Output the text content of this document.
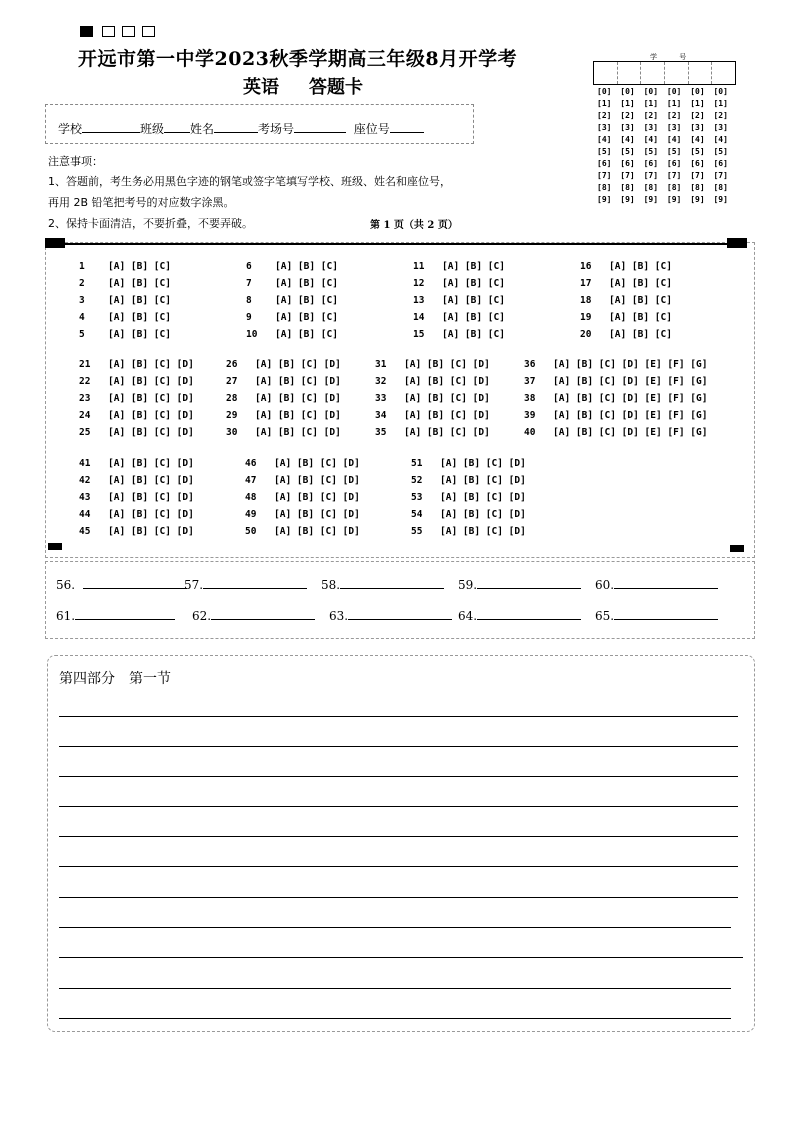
开远市第一中学2023秋季学期高三年级8月开学考
英语 答题卡
学校	班级 姓名	考场号	座位号
注意事项：
1、答题前，考生务必用黑色字迹的钢笔或签字笔填写学校、班级、姓名和座位号，
再用 2B 铅笔把考号的对应数字涂黑。
2、保持卡面清洁，不要折叠，不要弄破。	第 1 页（共 2 页）
学 号
[0]	[0]	[0]	[0]	[0]	[0]
[1]	[1]	[1]	[1]	[1]	[1]
[2]	[2]	[2]	[2]	[2]	[2]
[3]	[3]	[3]	[3]	[3]	[3]
[4]	[4]	[4]	[4]	[4]	[4]
[5]	[5]	[5]	[5]	[5]	[5]
[6]	[6]	[6]	[6]	[6]	[6]
[7]	[7]	[7]	[7]	[7]	[7]
[8]	[8]	[8]	[8]	[8]	[8]
[9]	[9]	[9]	[9]	[9]	[9]
1 [A] [B] [C]	6 [A] [B] [C]	11 [A] [B] [C]	16 [A] [B] [C]
2 [A] [B] [C]	7 [A] [B] [C]	12 [A] [B] [C]	17 [A] [B] [C]
3 [A] [B] [C]	8 [A] [B] [C]	13 [A] [B] [C]	18 [A] [B] [C]
4 [A] [B] [C]	9 [A] [B] [C]	14 [A] [B] [C]	19 [A] [B] [C]
5 [A] [B] [C]	10 [A] [B] [C]	15 [A] [B] [C]	20 [A] [B] [C]
21 [A] [B] [C] [D]	26 [A] [B] [C] [D]	31 [A] [B] [C] [D]	36 [A] [B] [C] [D] [E] [F] [G]
22 [A] [B] [C] [D]	27 [A] [B] [C] [D]	32 [A] [B] [C] [D]	37 [A] [B] [C] [D] [E] [F] [G]
23 [A] [B] [C] [D]	28 [A] [B] [C] [D]	33 [A] [B] [C] [D]	38 [A] [B] [C] [D] [E] [F] [G]
24 [A] [B] [C] [D]	29 [A] [B] [C] [D]	34 [A] [B] [C] [D]	39 [A] [B] [C] [D] [E] [F] [G]
25 [A] [B] [C] [D]	30 [A] [B] [C] [D]	35 [A] [B] [C] [D]	40 [A] [B] [C] [D] [E] [F] [G]
41 [A] [B] [C] [D]	46 [A] [B] [C] [D]	51 [A] [B] [C] [D]
42 [A] [B] [C] [D]	47 [A] [B] [C] [D]	52 [A] [B] [C] [D]
43 [A] [B] [C] [D]	48 [A] [B] [C] [D]	53 [A] [B] [C] [D]
44 [A] [B] [C] [D]	49 [A] [B] [C] [D]	54 [A] [B] [C] [D]
45 [A] [B] [C] [D]	50 [A] [B] [C] [D]	55 [A] [B] [C] [D]
56.	57.	58.	59.	60.
61.	62.	63.	64.	65.
第四部分　第一节
